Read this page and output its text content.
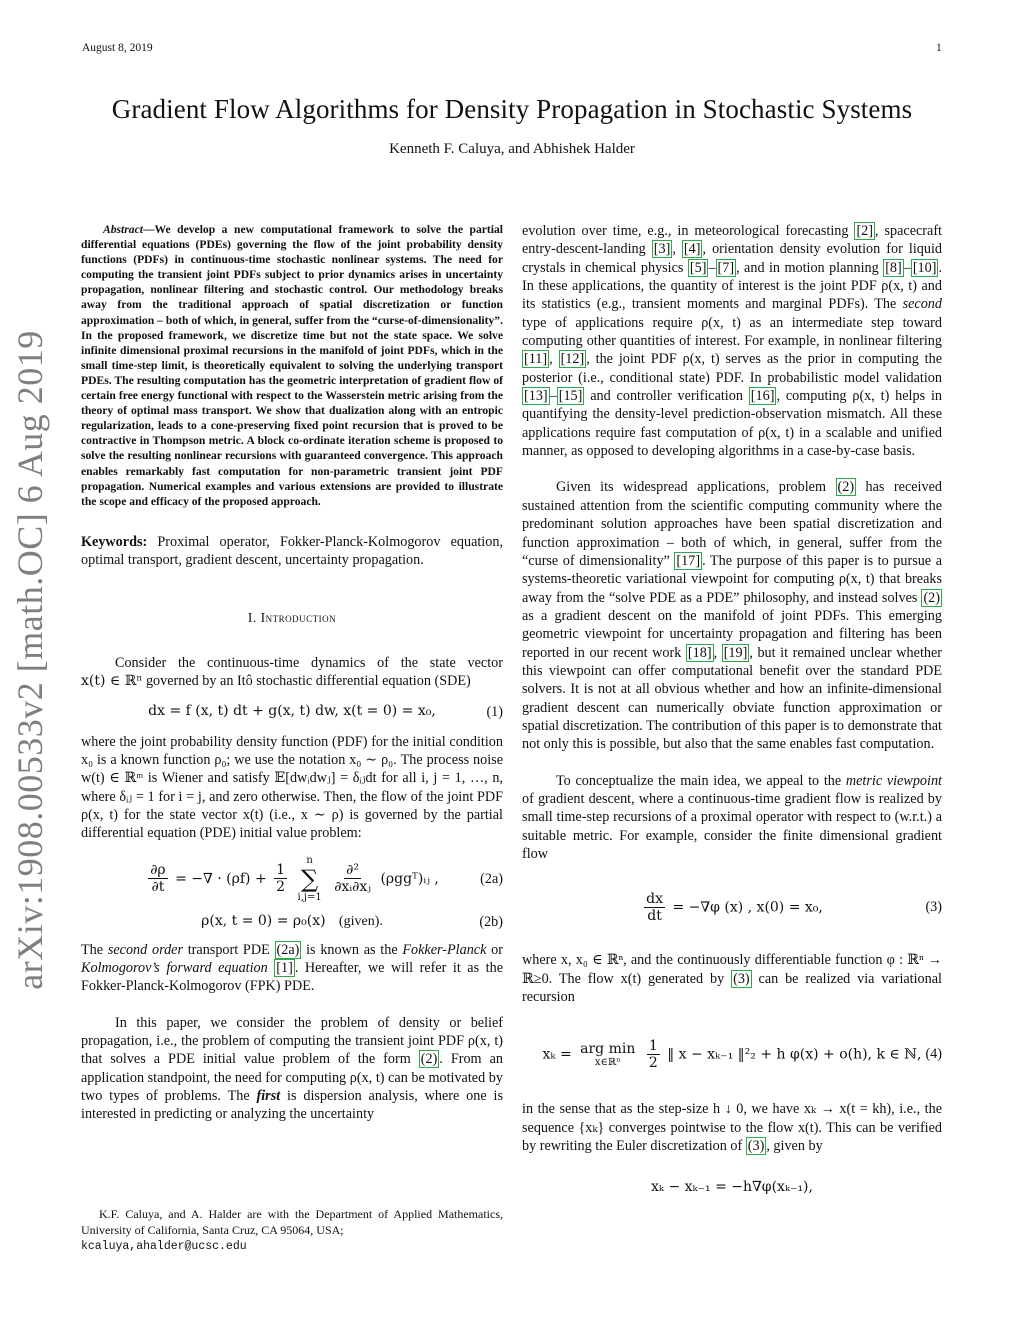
August 8, 2019	1
Gradient Flow Algorithms for Density Propagation in Stochastic Systems
Kenneth F. Caluya, and Abhishek Halder
arXiv:1908.00533v2 [math.OC] 6 Aug 2019

Abstract—We develop a new computational framework to solve the partial differential equations (PDEs) governing the flow of the joint probability density functions (PDFs) in continuous-time stochastic nonlinear systems. The need for computing the transient joint PDFs subject to prior dynamics arises in uncertainty propagation, nonlinear filtering and stochastic control. Our methodology breaks away from the traditional approach of spatial discretization or function approximation – both of which, in general, suffer from the “curse-of-dimensionality”. In the proposed framework, we discretize time but not the state space. We solve infinite dimensional proximal recursions in the manifold of joint PDFs, which in the small time-step limit, is theoretically equivalent to solving the underlying transport PDEs. The resulting computation has the geometric interpretation of gradient flow of certain free energy functional with respect to the Wasserstein metric arising from the theory of optimal mass transport. We show that dualization along with an entropic regularization, leads to a cone-preserving fixed point recursion that is proved to be contractive in Thompson metric. A block co-ordinate iteration scheme is proposed to solve the resulting nonlinear recursions with guaranteed convergence. This approach enables remarkably fast computation for non-parametric transient joint PDF propagation. Numerical examples and various extensions are provided to illustrate the scope and efficacy of the proposed approach.

Keywords: Proximal operator, Fokker-Planck-Kolmogorov equation, optimal transport, gradient descent, uncertainty propagation.

I. Introduction

Consider the continuous-time dynamics of the state vector x(t) ∈ ℝⁿ governed by an Itô stochastic differential equation (SDE)

dx = f (x, t) dt + g(x, t) dw, x(t = 0) = x₀,	(1)

where the joint probability density function (PDF) for the initial condition x₀ is a known function ρ₀; we use the notation x₀ ∼ ρ₀. The process noise w(t) ∈ ℝᵐ is Wiener and satisfy 𝔼[dwᵢdwⱼ] = δᵢⱼdt for all i, j = 1, …, n, where δᵢⱼ = 1 for i = j, and zero otherwise. Then, the flow of the joint PDF ρ(x, t) for the state vector x(t) (i.e., x ∼ ρ) is governed by the partial differential equation (PDE) initial value problem:

$\frac{\partial\rho}{\partial t}$ = −∇ · $(\rho f) + \frac{1}{2}$

n
∑
i,j=1

$\frac{\text{∂²}}{\text{∂xᵢ∂xⱼ}}$ (ρggᵀ)ᵢⱼ ,	(2a)
ρ(x, t = 0) = ρ₀(x) (given).	(2b)

The second order transport PDE (2a) is known as the Fokker-Planck or Kolmogorov’s forward equation [1] . Hereafter, we will refer it as the Fokker-Planck-Kolmogorov (FPK) PDE.

In this paper, we consider the problem of density or belief propagation, i.e., the problem of computing the transient joint PDF ρ(x, t) that solves a PDE initial value problem of the form (2) . From an application standpoint, the need for computing ρ(x, t) can be motivated by two types of problems. The first is dispersion analysis, where one is interested in predicting or analyzing the uncertainty

K.F. Caluya, and A. Halder are with the Department of Applied Mathematics, University of California, Santa Cruz, CA 95064, USA;
kcaluya,ahalder@ucsc.edu

evolution over time, e.g., in meteorological forecasting [2] , spacecraft entry-descent-landing [3] , [4] , orientation density evolution for liquid crystals in chemical physics [5] – [7] , and in motion planning [8] – [10] . In these applications, the quantity of interest is the joint PDF ρ(x, t) and its statistics (e.g., transient moments and marginal PDFs). The second type of applications require ρ(x, t) as an intermediate step toward computing other quantities of interest. For example, in nonlinear filtering [11] , [12] , the joint PDF ρ(x, t) serves as the prior in computing the posterior (i.e., conditional state) PDF. In probabilistic model validation [13] – [15] and controller verification [16] , computing ρ(x, t) helps in quantifying the density-level prediction-observation mismatch. All these applications require fast computation of ρ(x, t) in a scalable and unified manner, as opposed to developing algorithms in a case-by-case basis.

Given its widespread applications, problem (2) has received sustained attention from the scientific computing community where the predominant solution approaches have been spatial discretization and function approximation – both of which, in general, suffer from the “curse of dimensionality” [17] . The purpose of this paper is to pursue a systems-theoretic variational viewpoint for computing ρ(x, t) that breaks away from the “solve PDE as a PDE” philosophy, and instead solves (2) as a gradient descent on the manifold of joint PDFs. This emerging geometric viewpoint for uncertainty propagation and filtering has been reported in our recent work [18] , [19] , but it remained unclear whether this viewpoint can offer computational benefit over the standard PDE solvers. It is not at all obvious whether and how an infinite-dimensional gradient descent can numerically obviate function approximation or spatial discretization. The contribution of this paper is to demonstrate that not only this is possible, but also that the same enables fast computation.

To conceptualize the main idea, we appeal to the metric viewpoint of gradient descent, where a continuous-time gradient flow is realized by small time-step recursions of a proximal operator with respect to (w.r.t.) a suitable metric. For example, consider the finite dimensional gradient flow

$\frac{dx}{dt} = -\nabla\varphi$ (x) , x(0) = x₀,	(3)

where x, x₀ ∈ ℝⁿ, and the continuously differentiable function φ : ℝⁿ → ℝ≥0. The flow x(t) generated by (3) can be realized via variational recursion

xₖ = arg min
x∈ℝⁿ
$\frac{1}{2}$ ‖ x − xₖ₋₁ ‖²₂ + h φ(x) + o(h), k ∈ ℕ, (4)

in the sense that as the step-size h ↓ 0, we have xₖ → x(t = kh), i.e., the sequence {xₖ} converges pointwise to the flow x(t). This can be verified by rewriting the Euler discretization of (3) , given by

xₖ − xₖ₋₁ = −h∇φ(xₖ₋₁),
